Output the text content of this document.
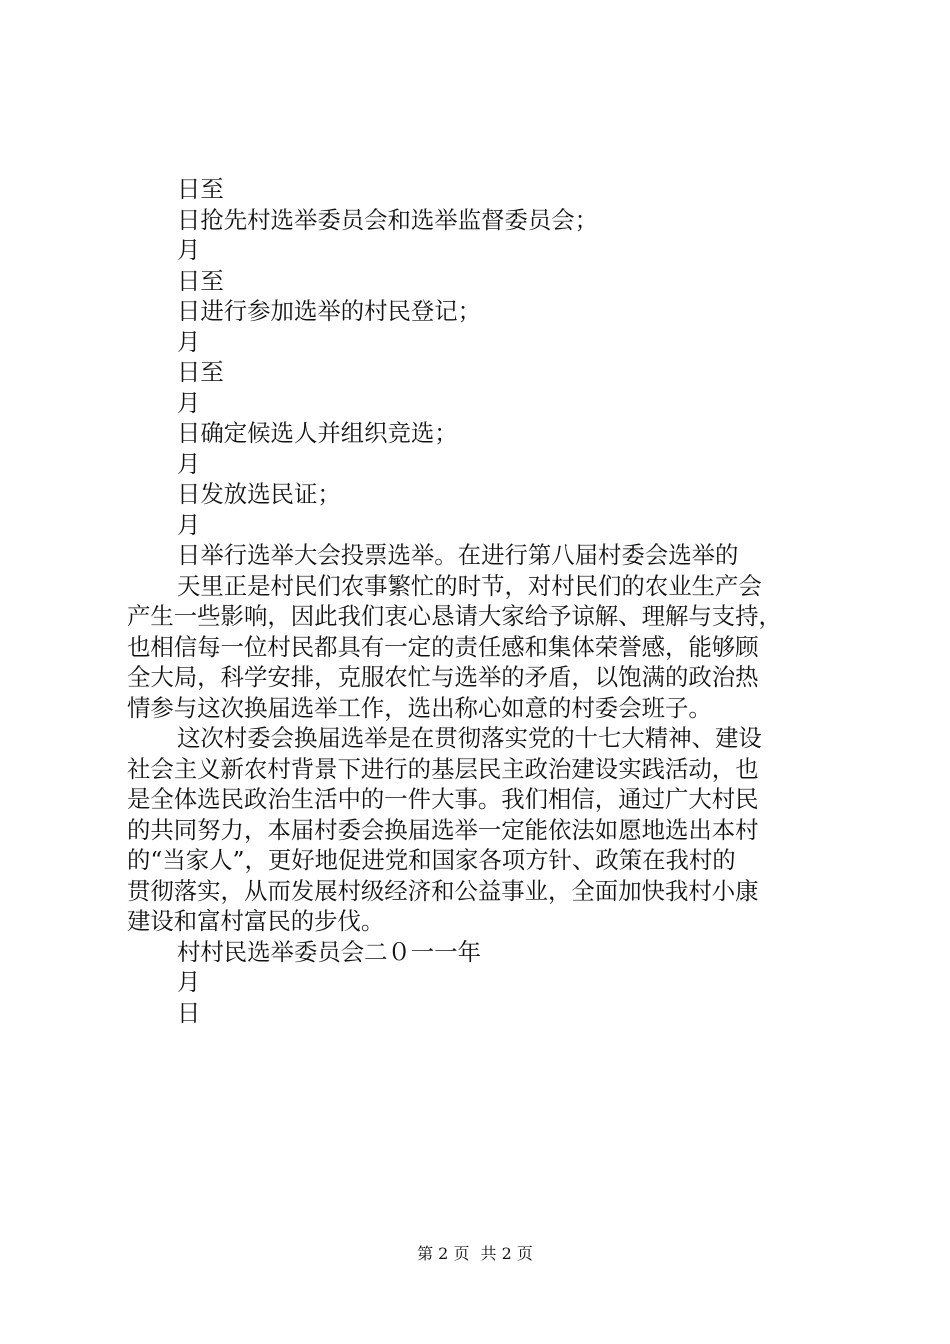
日至
日抢先村选举委员会和选举监督委员会；
月
日至
日进行参加选举的村民登记；
月
日至
月
日确定候选人并组织竞选；
月
日发放选民证；
月
日举行选举大会投票选举。在进行第八届村委会选举的
天里正是村民们农事繁忙的时节，对村民们的农业生产会
产生一些影响，因此我们衷心恳请大家给予谅解、理解与支持，
也相信每一位村民都具有一定的责任感和集体荣誉感，能够顾
全大局，科学安排，克服农忙与选举的矛盾，以饱满的政治热
情参与这次换届选举工作，选出称心如意的村委会班子。
这次村委会换届选举是在贯彻落实党的十七大精神、建设
社会主义新农村背景下进行的基层民主政治建设实践活动，也
是全体选民政治生活中的一件大事。我们相信，通过广大村民
的共同努力，本届村委会换届选举一定能依法如愿地选出本村
的“当家人”，更好地促进党和国家各项方针、政策在我村的
贯彻落实，从而发展村级经济和公益事业，全面加快我村小康
建设和富村富民的步伐。
村村民选举委员会二０一一年
月
日
第 2 页 共 2 页
